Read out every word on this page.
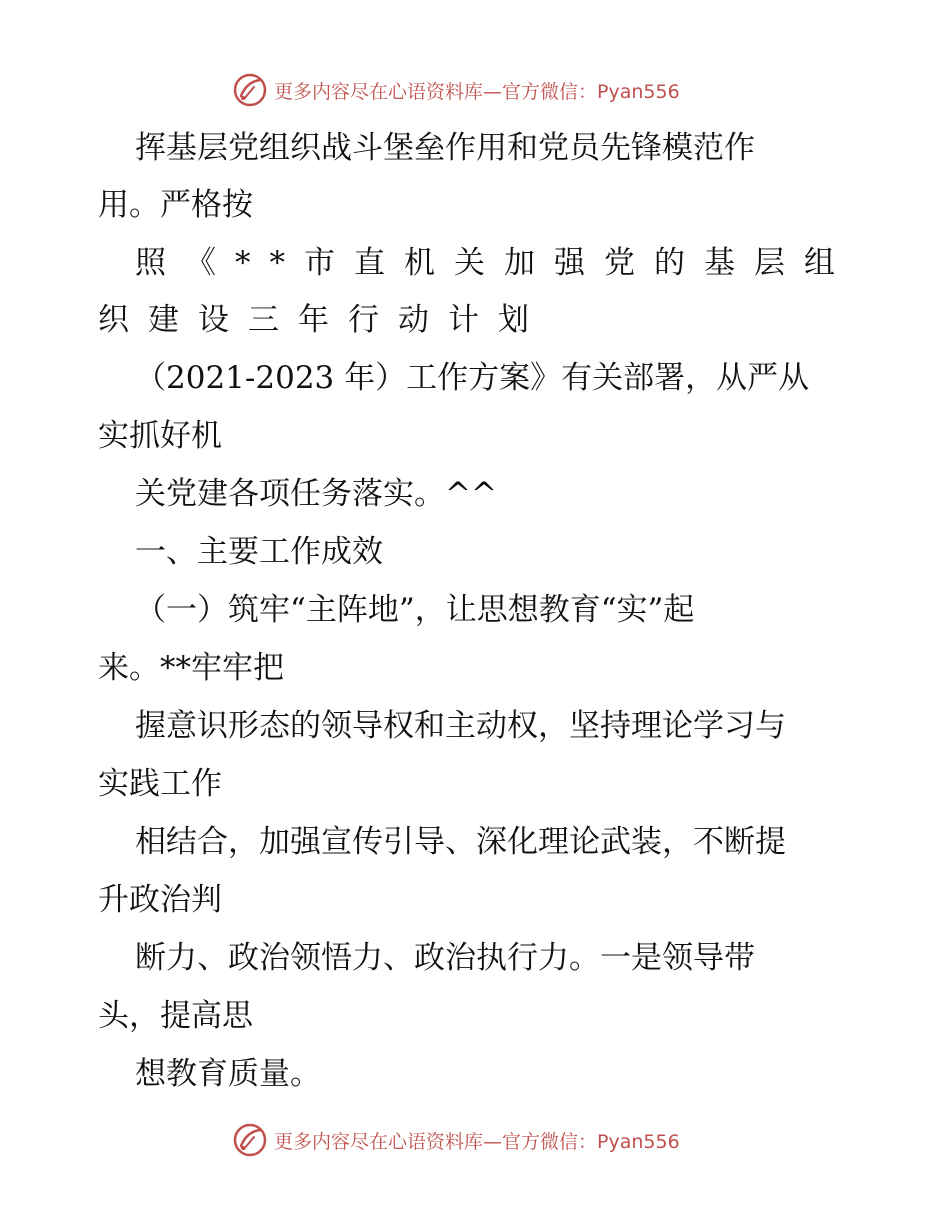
更多内容尽在心语资料库—官方微信：Pyan556

挥基层党组织战斗堡垒作用和党员先锋模范作

用。严格按

照《**市直机关加强党的基层组

织建设三年行动计划

（2021-2023 年）工作方案》有关部署，从严从

实抓好机

关党建各项任务落实。^^

一、主要工作成效

（一）筑牢“主阵地”，让思想教育“实”起

来。**牢牢把

握意识形态的领导权和主动权，坚持理论学习与

实践工作

相结合，加强宣传引导、深化理论武装，不断提

升政治判

断力、政治领悟力、政治执行力。一是领导带

头，提高思

想教育质量。

更多内容尽在心语资料库—官方微信：Pyan556
